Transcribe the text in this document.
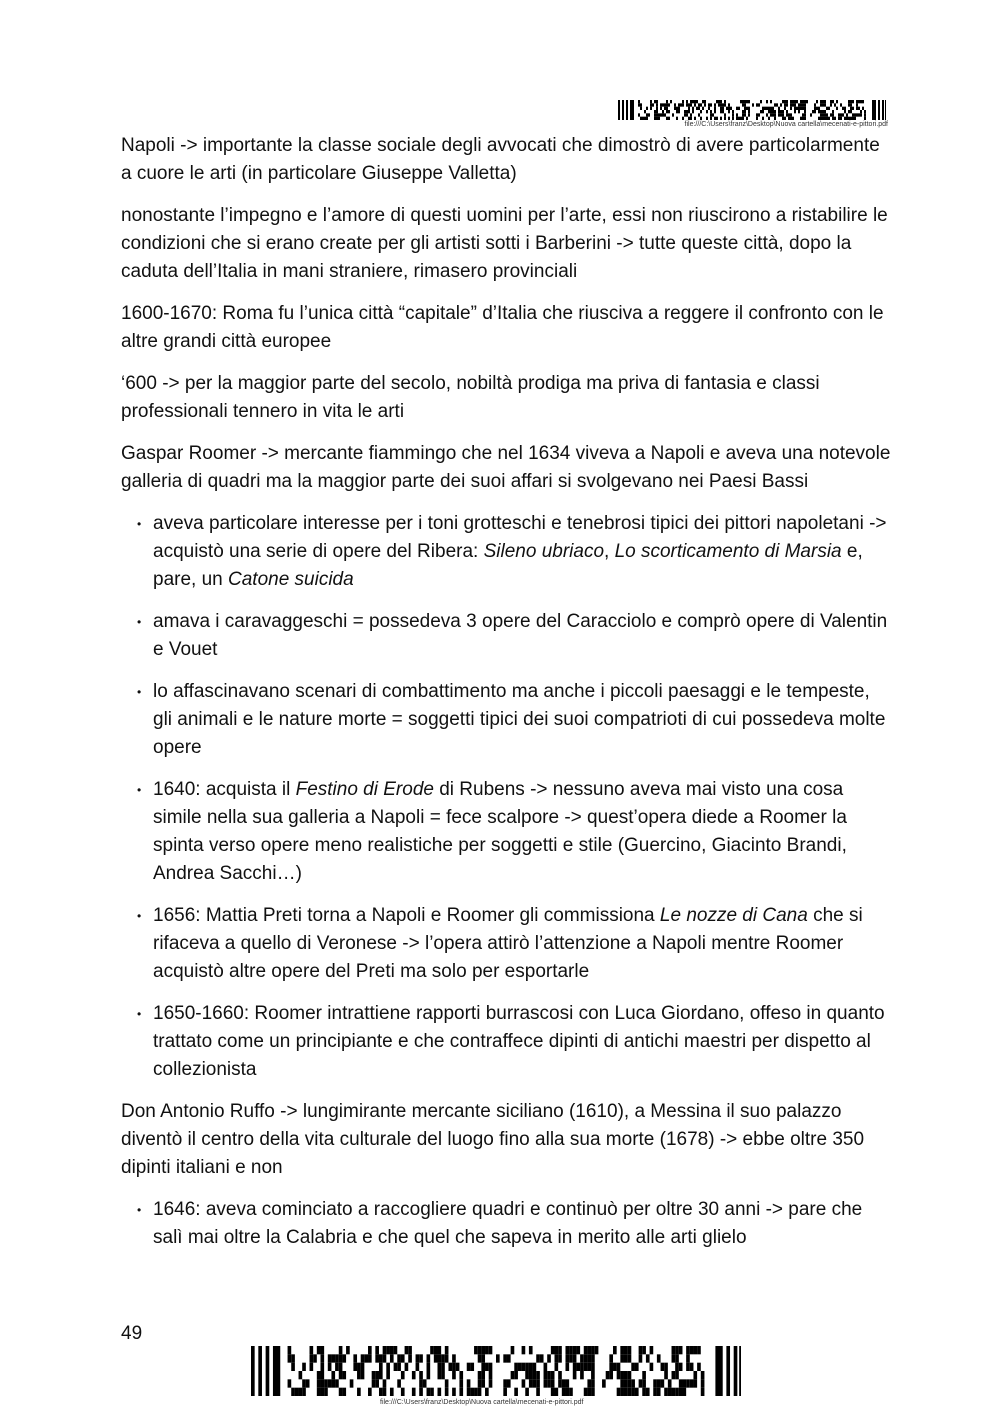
file:///C:\Users\franz\Desktop\Nuova cartella\mecenati-e-pittori.pdf

Napoli -> importante la classe sociale degli avvocati che dimostrò di avere particolarmente a cuore le arti (in particolare Giuseppe Valletta)

nonostante l’impegno e l’amore di questi uomini per l’arte, essi non riuscirono a ristabilire le condizioni che si erano create per gli artisti sotti i Barberini -> tutte queste città, dopo la caduta dell’Italia in mani straniere, rimasero provinciali

1600-1670: Roma fu l’unica città “capitale” d’Italia che riusciva a reggere il confronto con le altre grandi città europee

‘600 -> per la maggior parte del secolo, nobiltà prodiga ma priva di fantasia e classi professionali tennero in vita le arti

Gaspar Roomer -> mercante fiammingo che nel 1634 viveva a Napoli e aveva una notevole galleria di quadri ma la maggior parte dei suoi affari si svolgevano nei Paesi Bassi

• aveva particolare interesse per i toni grotteschi e tenebrosi tipici dei pittori napoletani -> acquistò una serie di opere del Ribera: Sileno ubriaco, Lo scorticamento di Marsia e, pare, un Catone suicida
• amava i caravaggeschi = possedeva 3 opere del Caracciolo e comprò opere di Valentin e Vouet
• lo affascinavano scenari di combattimento ma anche i piccoli paesaggi e le tempeste, gli animali e le nature morte = soggetti tipici dei suoi compatrioti di cui possedeva molte opere
• 1640: acquista il Festino di Erode di Rubens -> nessuno aveva mai visto una cosa simile nella sua galleria a Napoli = fece scalpore -> quest’opera diede a Roomer la spinta verso opere meno realistiche per soggetti e stile (Guercino, Giacinto Brandi, Andrea Sacchi…)
• 1656: Mattia Preti torna a Napoli e Roomer gli commissiona Le nozze di Cana che si rifaceva a quello di Veronese -> l’opera attirò l’attenzione a Napoli mentre Roomer acquistò altre opere del Preti ma solo per esportarle
• 1650-1660: Roomer intrattiene rapporti burrascosi con Luca Giordano, offeso in quanto trattato come un principiante e che contraffece dipinti di antichi maestri per dispetto al collezionista

Don Antonio Ruffo -> lungimirante mercante siciliano (1610), a Messina il suo palazzo diventò il centro della vita culturale del luogo fino alla sua morte (1678) -> ebbe oltre 350 dipinti italiani e non

• 1646: aveva cominciato a raccogliere quadri e continuò per oltre 30 anni -> pare che salì mai oltre la Calabria e che quel che sapeva in merito alle arti glielo
49
file:///C:\Users\franz\Desktop\Nuova cartella\mecenati-e-pittori.pdf
